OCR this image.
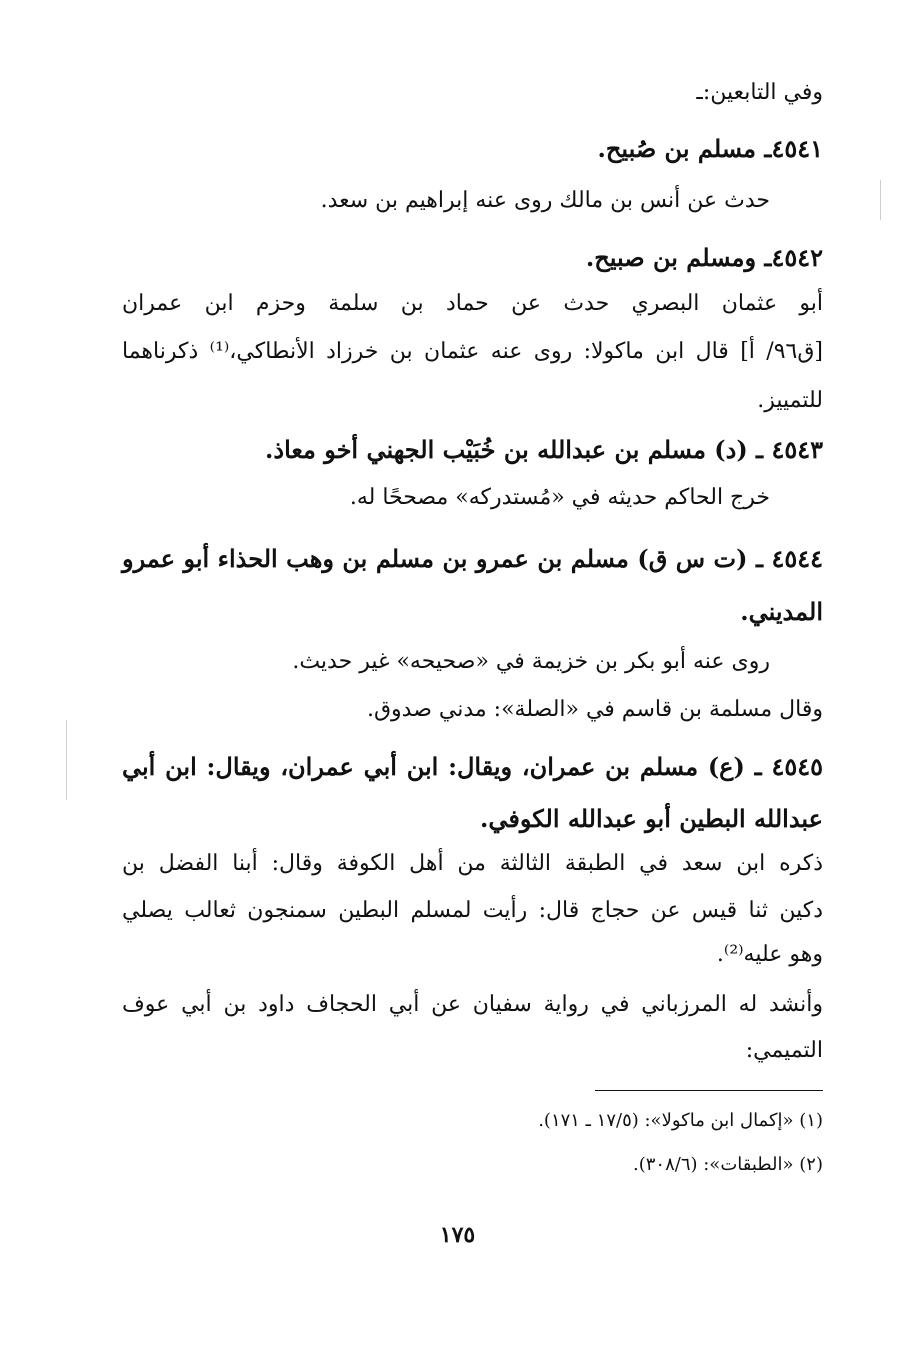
وفي التابعين:ـ
٤٥٤١ـ مسلم بن صُبيح.
حدث عن أنس بن مالك روى عنه إبراهيم بن سعد.
٤٥٤٢ـ ومسلم بن صبيح.
أبو عثمان البصري حدث عن حماد بن سلمة وحزم ابن عمران
[ق٩٦/ أ] قال ابن ماكولا: روى عنه عثمان بن خرزاد الأنطاكي،⁽¹⁾ ذكرناهما
للتمييز.
٤٥٤٣ ـ (د) مسلم بن عبدالله بن خُبَيْب الجهني أخو معاذ.
خرج الحاكم حديثه في «مُستدركه» مصححًا له.
٤٥٤٤ ـ (ت س ق) مسلم بن عمرو بن مسلم بن وهب الحذاء أبو عمرو
المديني.
روى عنه أبو بكر بن خزيمة في «صحيحه» غير حديث.
وقال مسلمة بن قاسم في «الصلة»: مدني صدوق.
٤٥٤٥ ـ (ع) مسلم بن عمران، ويقال: ابن أبي عمران، ويقال: ابن أبي
عبدالله البطين أبو عبدالله الكوفي.
ذكره ابن سعد في الطبقة الثالثة من أهل الكوفة وقال: أبنا الفضل بن
دكين ثنا قيس عن حجاج قال: رأيت لمسلم البطين سمنجون ثعالب يصلي
وهو عليه⁽²⁾.
وأنشد له المرزباني في رواية سفيان عن أبي الحجاف داود بن أبي عوف
التميمي:
(١) «إكمال ابن ماكولا»: (١٧/٥ ـ ١٧١).
(٢) «الطبقات»: (٣٠٨/٦).
١٧٥
